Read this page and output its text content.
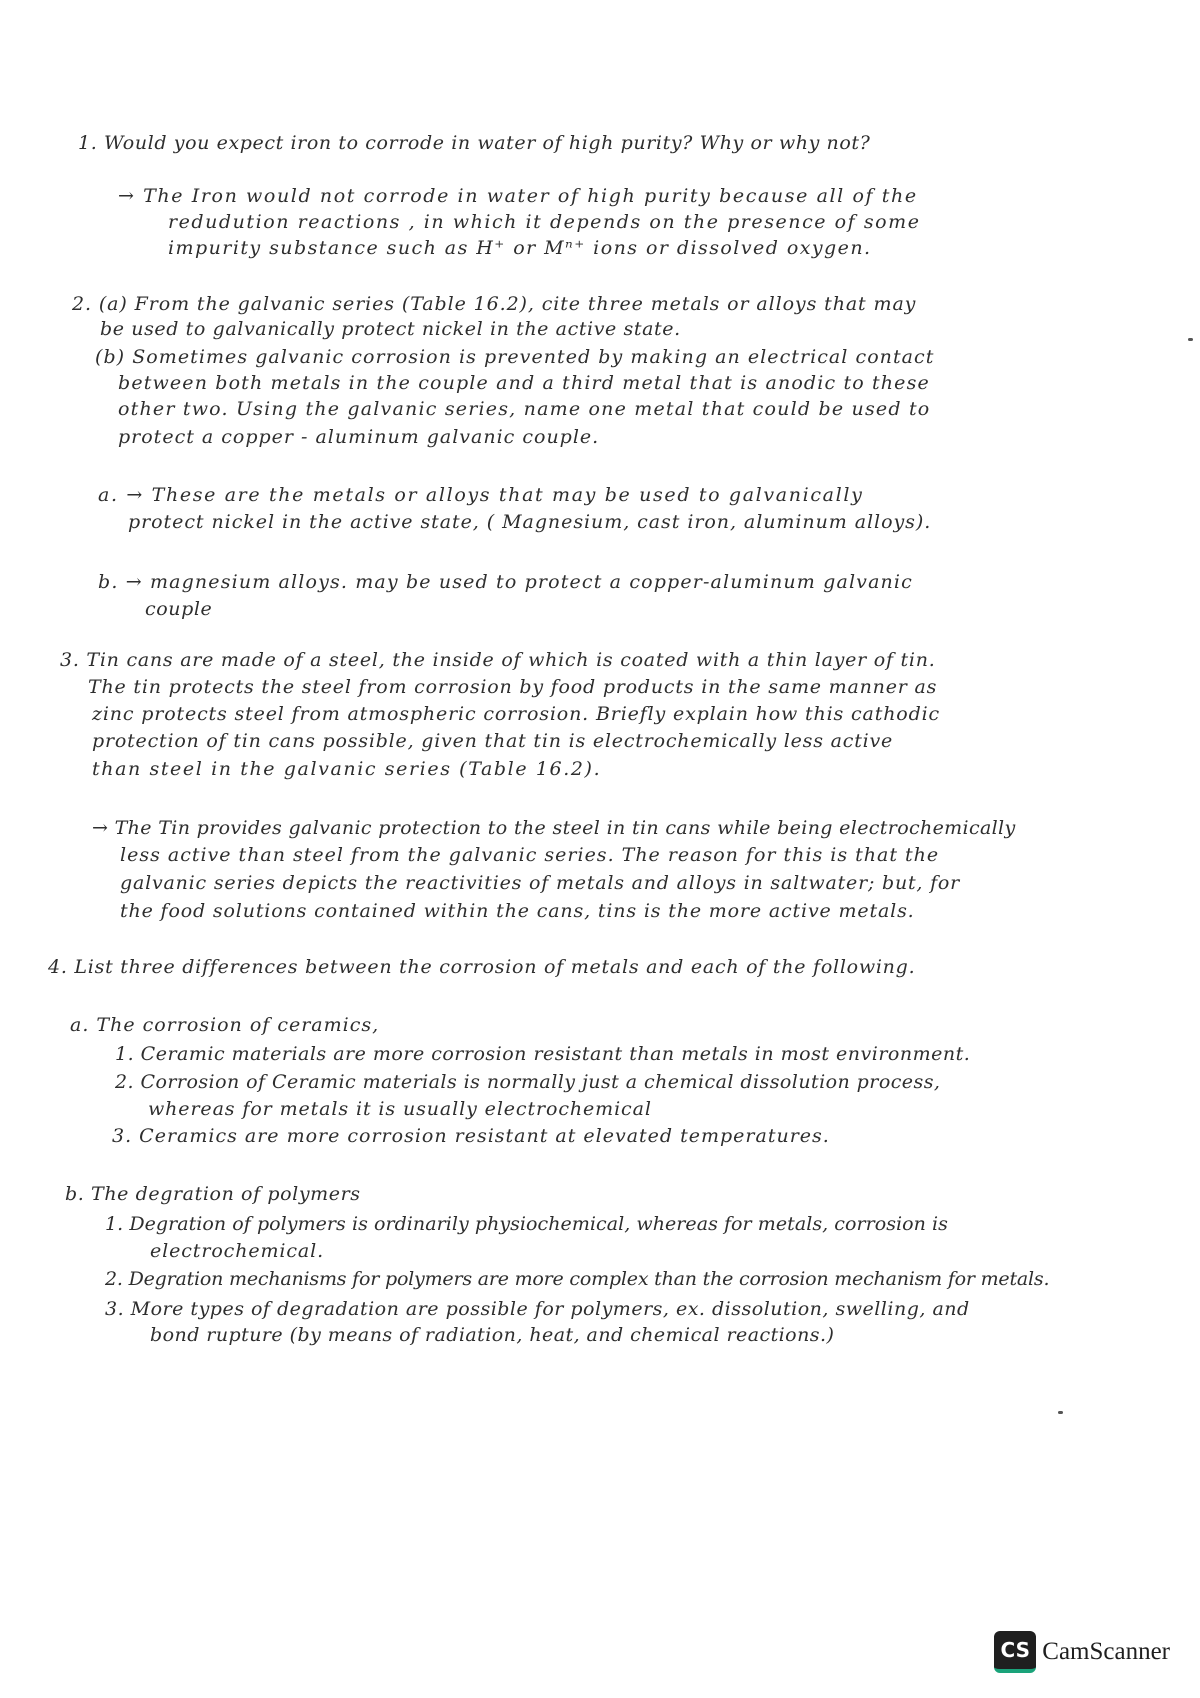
1. Would you expect iron to corrode in water of high purity? Why or why not?
→ The Iron would not corrode in water of high purity because all of the
redudution reactions , in which it depends on the presence of some
impurity substance such as H⁺ or Mⁿ⁺ ions or dissolved oxygen.
2. (a) From the galvanic series (Table 16.2), cite three metals or alloys that may
be used to galvanically protect nickel in the active state.
(b) Sometimes galvanic corrosion is prevented by making an electrical contact
between both metals in the couple and a third metal that is anodic to these
other two. Using the galvanic series, name one metal that could be used to
protect a copper - aluminum galvanic couple.
a. → These are the metals or alloys that may be used to galvanically
protect nickel in the active state, ( Magnesium, cast iron, aluminum alloys).
b. → magnesium alloys. may be used to protect a copper-aluminum galvanic
couple
3. Tin cans are made of a steel, the inside of which is coated with a thin layer of tin.
The tin protects the steel from corrosion by food products in the same manner as
zinc protects steel from atmospheric corrosion. Briefly explain how this cathodic
protection of tin cans possible, given that tin is electrochemically less active
than steel in the galvanic series (Table 16.2).
→ The Tin provides galvanic protection to the steel in tin cans while being electrochemically
less active than steel from the galvanic series. The reason for this is that the
galvanic series depicts the reactivities of metals and alloys in saltwater; but, for
the food solutions contained within the cans, tins is the more active metals.
4. List three differences between the corrosion of metals and each of the following.
a. The corrosion of ceramics,
1. Ceramic materials are more corrosion resistant than metals in most environment.
2. Corrosion of Ceramic materials is normally just a chemical dissolution process,
whereas for metals it is usually electrochemical
3. Ceramics are more corrosion resistant at elevated temperatures.
b. The degration of polymers
1. Degration of polymers is ordinarily physiochemical, whereas for metals, corrosion is
electrochemical.
2. Degration mechanisms for polymers are more complex than the corrosion mechanism for metals.
3. More types of degradation are possible for polymers, ex. dissolution, swelling, and
bond rupture (by means of radiation, heat, and chemical reactions.)
CS CamScanner
